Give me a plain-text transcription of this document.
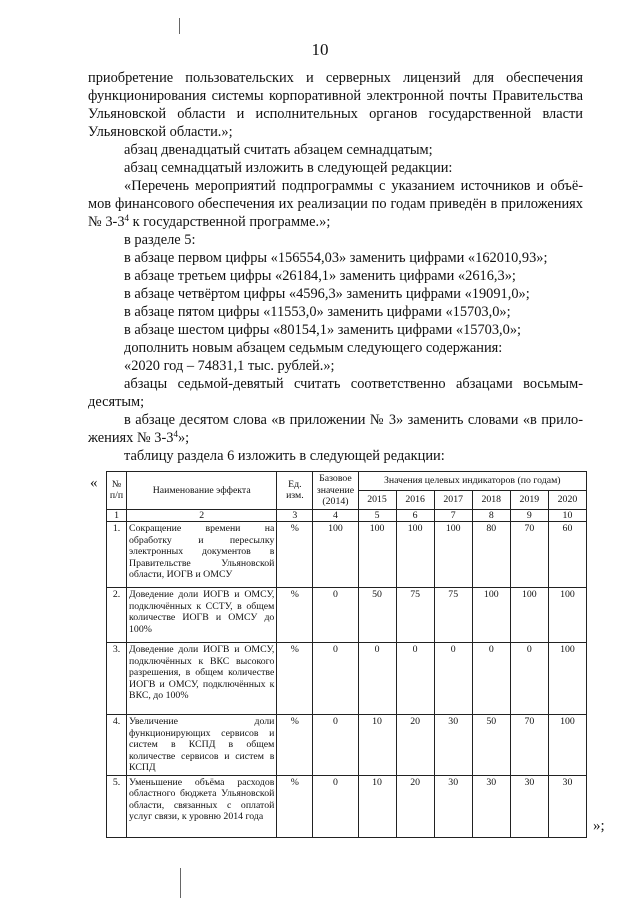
10
приобретение пользовательских и серверных лицензий для обеспечения
функционирования системы корпоративной электронной почты Правительства
Ульяновской области и исполнительных органов государственной власти
Ульяновской области.»;
абзац двенадцатый считать абзацем семнадцатым;
абзац семнадцатый изложить в следующей редакции:
«Перечень мероприятий подпрограммы с указанием источников и объё-
мов финансового обеспечения их реализации по годам приведён в приложениях
№ $3-3^4$ к государственной программе.»;
в разделе 5:
в абзаце первом цифры «156554,03» заменить цифрами «162010,93»;
в абзаце третьем цифры «26184,1» заменить цифрами «2616,3»;
в абзаце четвёртом цифры «4596,3» заменить цифрами «19091,0»;
в абзаце пятом цифры «11553,0» заменить цифрами «15703,0»;
в абзаце шестом цифры «80154,1» заменить цифрами «15703,0»;
дополнить новым абзацем седьмым следующего содержания:
«2020 год – 74831,1 тыс. рублей.»;
абзацы седьмой-девятый считать соответственно абзацами восьмым-
десятым;
в абзаце десятом слова «в приложении № 3» заменить словами «в прило-
жениях № $3-3^4$»;
таблицу раздела 6 изложить в следующей редакции:
« № п/п	Наименование эффекта	Ед. изм.	Базовое значение (2014)	Значения целевых индикаторов (по годам)					
				2015	2016	2017	2018	2019	2020
1	2	3	4	5	6	7	8	9	10
1.	Сокращение времени на обработку и пересылку электронных документов в Правительстве Ульяновской области, ИОГВ и ОМСУ	%	100	100	100	100	80	70	60
2.	Доведение доли ИОГВ и ОМСУ, подключённых к ССТУ, в общем количестве ИОГВ и ОМСУ до 100%	%	0	50	75	75	100	100	100
3.	Доведение доли ИОГВ и ОМСУ, подключённых к ВКС высокого разрешения, в общем количестве ИОГВ и ОМСУ, подключённых к ВКС, до 100%	%	0	0	0	0	0	0	100
4.	Увеличение доли функционирующих сервисов и систем в КСПД в общем количестве сервисов и систем в КСПД	%	0	10	20	30	50	70	100
5.	Уменьшение объёма расходов областного бюджета Ульяновской области, связанных с оплатой услуг связи, к уровню 2014 года	%	0	10	20	30	30	30	30
»;
